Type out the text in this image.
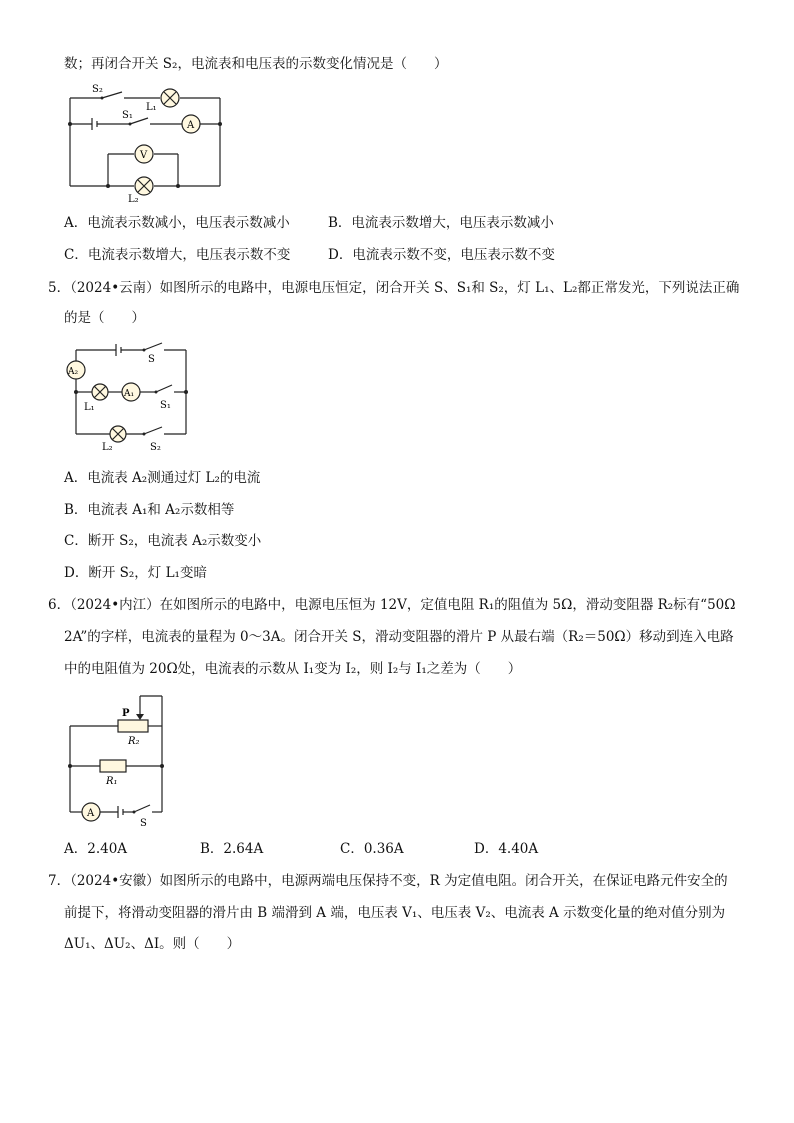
数；再闭合开关 S₂，电流表和电压表的示数变化情况是（　　）
S₂
L₁
S₁
A
V
L₂
A．电流表示数减小，电压表示数减小	B．电流表示数增大，电压表示数减小
C．电流表示数增大，电压表示数不变	D．电流表示数不变，电压表示数不变
5．（2024•云南）如图所示的电路中，电源电压恒定，闭合开关 S、S₁和 S₂，灯 L₁、L₂都正常发光，下列说法正确
的是（　　）
A₂
A₁
S
L₁	S₁
L₂	S₂
A．电流表 A₂测通过灯 L₂的电流
B．电流表 A₁和 A₂示数相等
C．断开 S₂，电流表 A₂示数变小
D．断开 S₂，灯 L₁变暗
6．（2024•内江）在如图所示的电路中，电源电压恒为 12V，定值电阻 R₁的阻值为 5Ω，滑动变阻器 R₂标有“50Ω
2A”的字样，电流表的量程为 0～3A。闭合开关 S，滑动变阻器的滑片 P 从最右端（R₂＝50Ω）移动到连入电路
中的电阻值为 20Ω处，电流表的示数从 I₁变为 I₂，则 I₂与 I₁之差为（　　）
P
R₂
R₁
A
S
A．2.40A	B．2.64A	C．0.36A	D．4.40A
7．（2024•安徽）如图所示的电路中，电源两端电压保持不变，R 为定值电阻。闭合开关，在保证电路元件安全的
前提下，将滑动变阻器的滑片由 B 端滑到 A 端，电压表 V₁、电压表 V₂、电流表 A 示数变化量的绝对值分别为
ΔU₁、ΔU₂、ΔI。则（　　）
